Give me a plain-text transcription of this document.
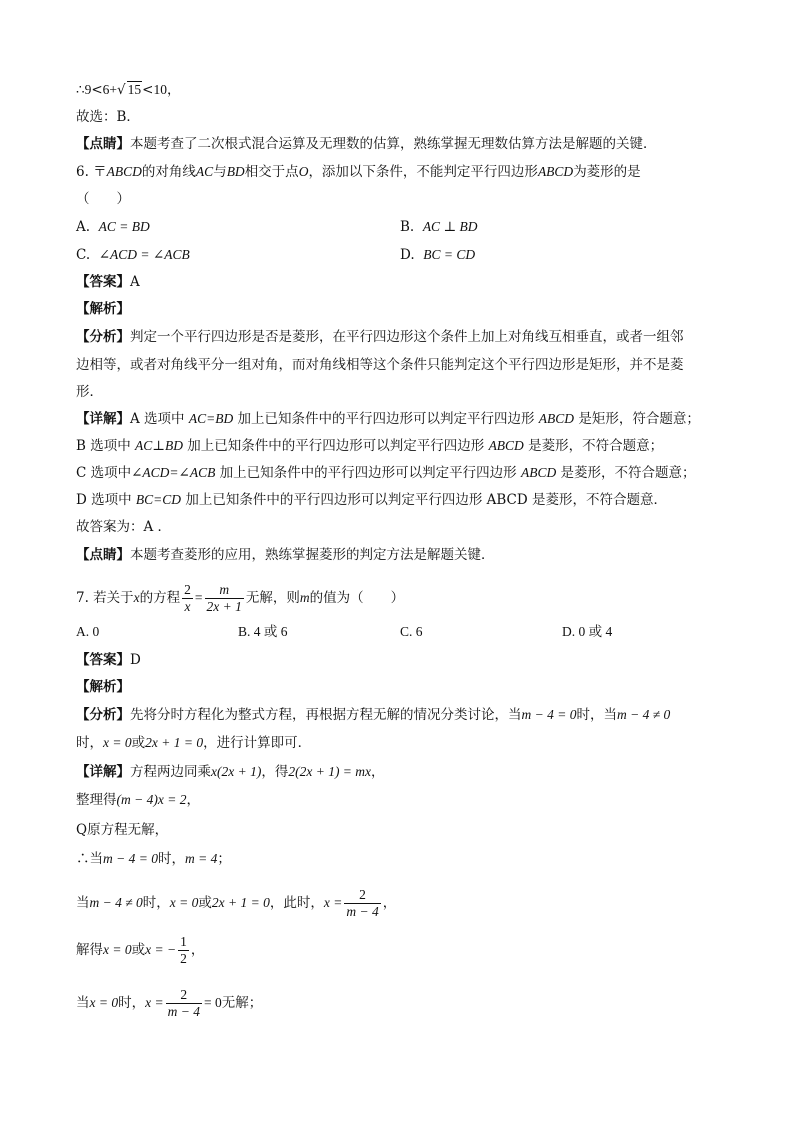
∴9<6+√ 15<10，
故选：B．
【点睛】本题考查了二次根式混合运算及无理数的估算，熟练掌握无理数估算方法是解题的关键．
6. 〒ABCD的对角线AC与BD相交于点O，添加以下条件，不能判定平行四边形ABCD为菱形的是
（　　）
A. AC = BD	B. AC ⊥ BD
C. ∠ACD = ∠ACB	D. BC = CD
【答案】A
【解析】
【分析】判定一个平行四边形是否是菱形，在平行四边形这个条件上加上对角线互相垂直，或者一组邻
边相等，或者对角线平分一组对角，而对角线相等这个条件只能判定这个平行四边形是矩形，并不是菱
形．
【详解】A 选项中 AC=BD 加上已知条件中的平行四边形可以判定平行四边形 ABCD 是矩形，符合题意；
B 选项中 AC⊥BD 加上已知条件中的平行四边形可以判定平行四边形 ABCD 是菱形，不符合题意；
C 选项中∠ACD=∠ACB 加上已知条件中的平行四边形可以判定平行四边形 ABCD 是菱形，不符合题意；
D 选项中 BC=CD 加上已知条件中的平行四边形可以判定平行四边形 ABCD 是菱形，不符合题意．
故答案为：A ．
【点睛】本题考查菱形的应用，熟练掌握菱形的判定方法是解题关键．
7. 若关于x的方程 $\frac{2}{x} = \frac{m}{2x + 1}$ 无解，则m的值为（　　）
A. 0	B. 4 或 6	C. 6	D. 0 或 4
【答案】D
【解析】
【分析】先将分时方程化为整式方程，再根据方程无解的情况分类讨论，当m − 4 = 0时，当m − 4 ≠ 0
时，x = 0或2x + 1 = 0，进行计算即可．
【详解】方程两边同乘x(2x + 1)，得2(2x + 1) = mx，
整理得(m − 4)x = 2，
Q原方程无解，
∴当m − 4 = 0时，m = 4；
当m − 4 ≠ 0时，x = 0或2x + 1 = 0，此时，$x = \frac{2}{m - 4}$ ，
解得x = 0或x = − $\frac{1}{2}$ ，
当x = 0时，$x = \frac{2}{m - 4} = 0$无解；
